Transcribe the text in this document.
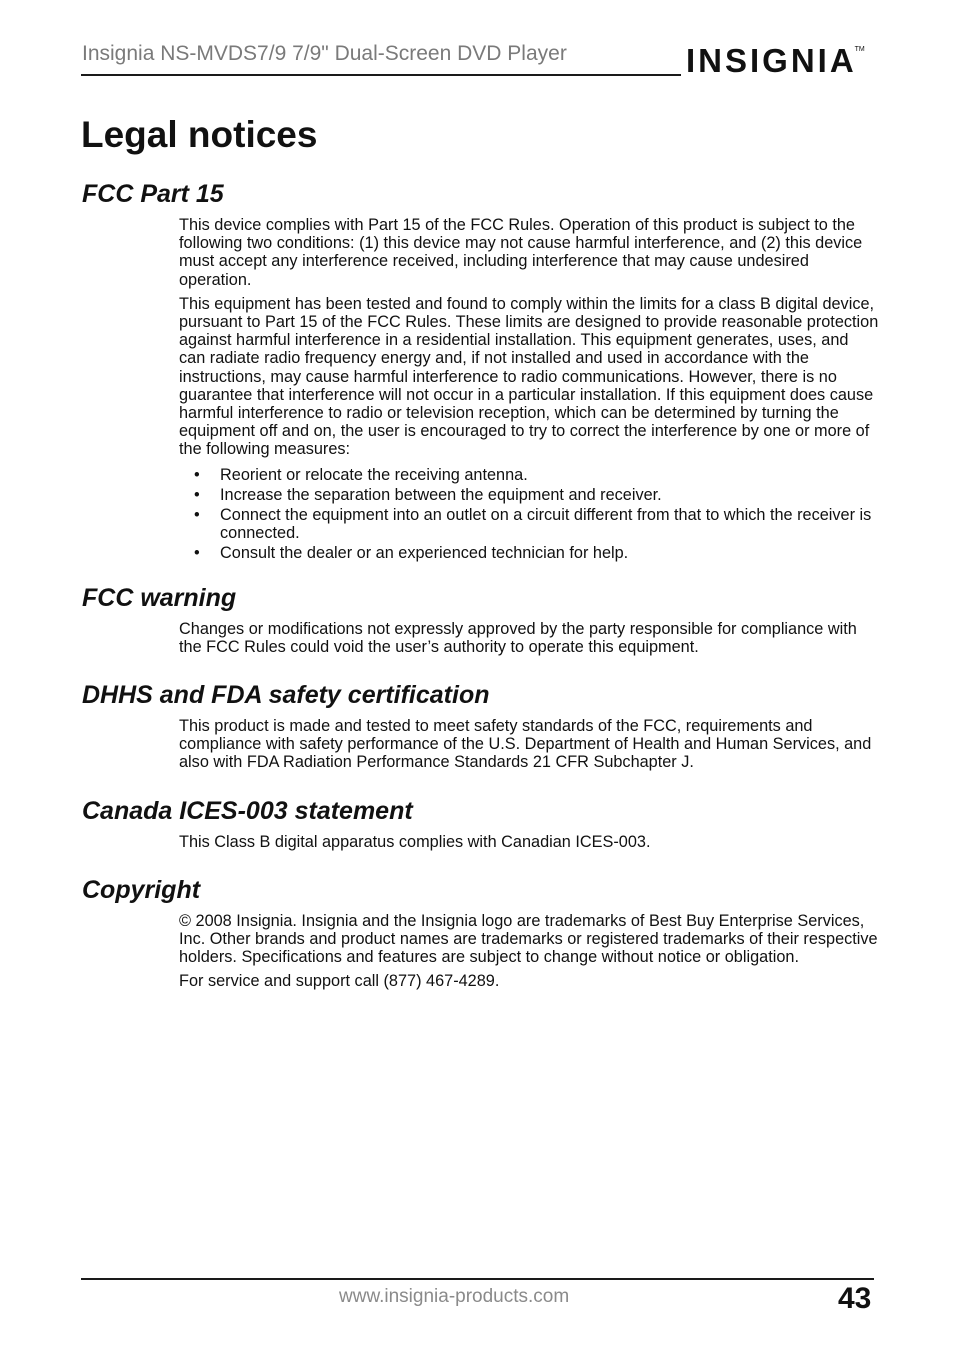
Insignia NS-MVDS7/9 7/9" Dual-Screen DVD Player	INSIGNIA
TM
Legal notices
FCC Part 15

This device complies with Part 15 of the FCC Rules. Operation of this product is subject to the following two conditions: (1) this device may not cause harmful interference, and (2) this device must accept any interference received, including interference that may cause undesired operation.

This equipment has been tested and found to comply within the limits for a class B digital device, pursuant to Part 15 of the FCC Rules. These limits are designed to provide reasonable protection against harmful interference in a residential installation. This equipment generates, uses, and can radiate radio frequency energy and, if not installed and used in accordance with the instructions, may cause harmful interference to radio communications. However, there is no guarantee that interference will not occur in a particular installation. If this equipment does cause harmful interference to radio or television reception, which can be determined by turning the equipment off and on, the user is encouraged to try to correct the interference by one or more of the following measures:

• Reorient or relocate the receiving antenna.
• Increase the separation between the equipment and receiver.
• Connect the equipment into an outlet on a circuit different from that to which the receiver is connected.
• Consult the dealer or an experienced technician for help.
FCC warning

Changes or modifications not expressly approved by the party responsible for compliance with the FCC Rules could void the user’s authority to operate this equipment.

DHHS and FDA safety certification

This product is made and tested to meet safety standards of the FCC, requirements and compliance with safety performance of the U.S. Department of Health and Human Services, and also with FDA Radiation Performance Standards 21 CFR Subchapter J.

Canada ICES-003 statement

This Class B digital apparatus complies with Canadian ICES-003.

Copyright

© 2008 Insignia. Insignia and the Insignia logo are trademarks of Best Buy Enterprise Services, Inc. Other brands and product names are trademarks or registered trademarks of their respective holders. Specifications and features are subject to change without notice or obligation.

For service and support call (877) 467-4289.

www.insignia-products.com	43
